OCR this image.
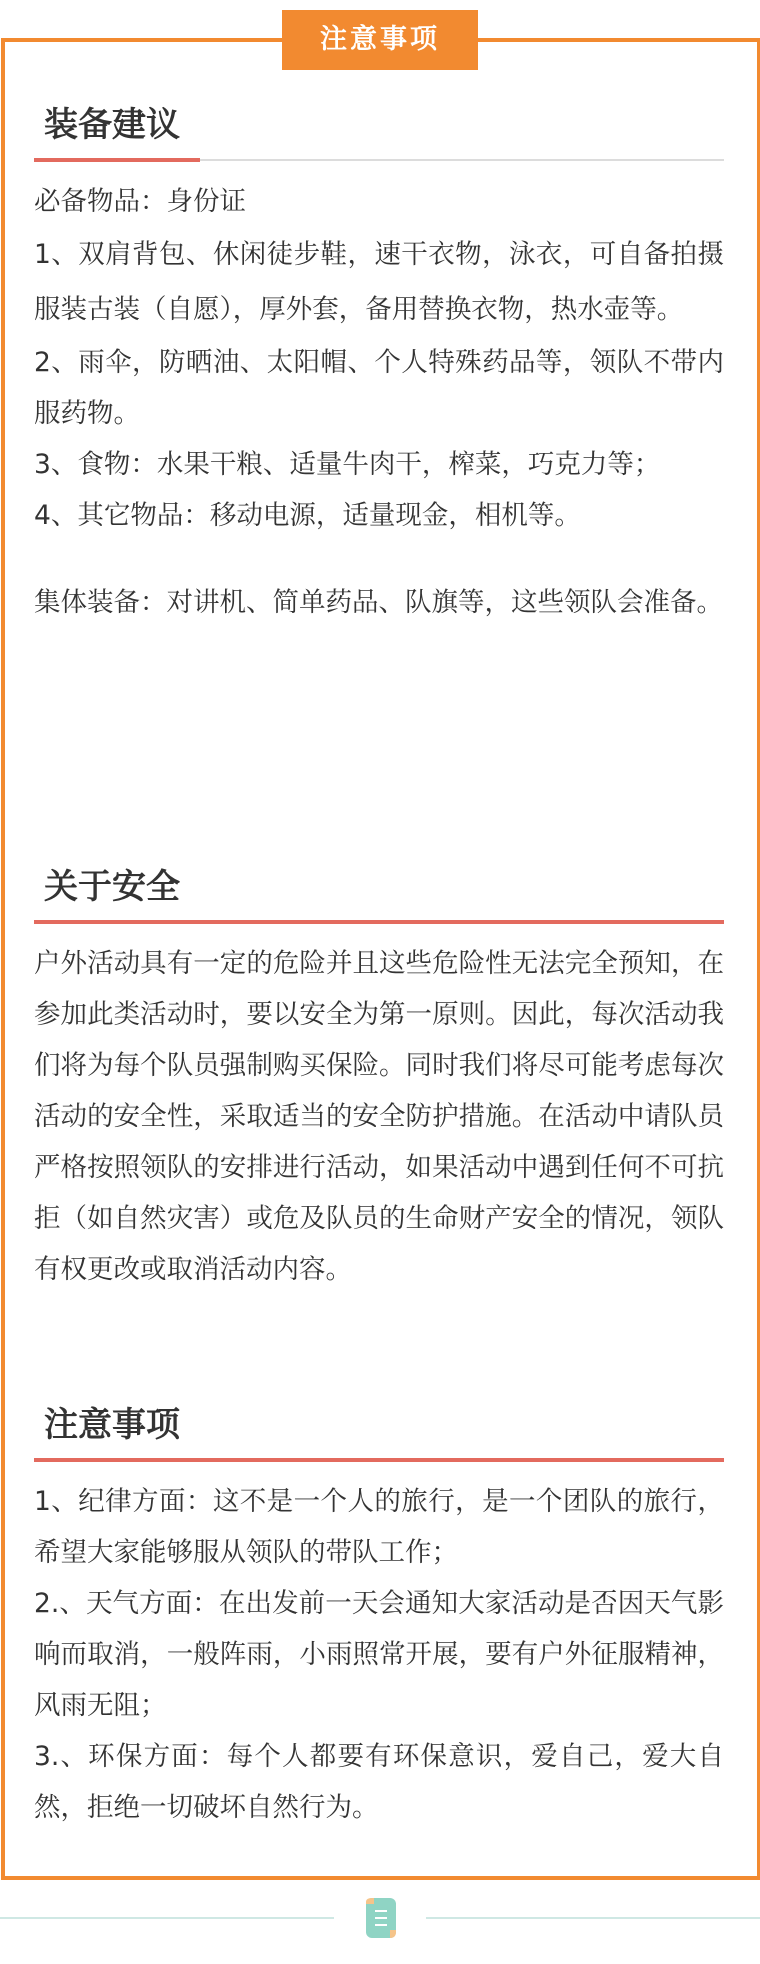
注意事项
装备建议

必备物品：身份证

1、双肩背包、休闲徒步鞋，速干衣物，泳衣，可自备拍摄服装古装（自愿），厚外套，备用替换衣物，热水壶等。

2、雨伞，防晒油、太阳帽、个人特殊药品等，领队不带内服药物。

3、食物：水果干粮、适量牛肉干，榨菜，巧克力等；

4、其它物品：移动电源，适量现金，相机等。

集体装备：对讲机、简单药品、队旗等，这些领队会准备。

关于安全

户外活动具有一定的危险并且这些危险性无法完全预知，在参加此类活动时，要以安全为第一原则。因此，每次活动我们将为每个队员强制购买保险。同时我们将尽可能考虑每次活动的安全性，采取适当的安全防护措施。在活动中请队员严格按照领队的安排进行活动，如果活动中遇到任何不可抗拒（如自然灾害）或危及队员的生命财产安全的情况，领队有权更改或取消活动内容。

注意事项

1、纪律方面：这不是一个人的旅行，是一个团队的旅行，希望大家能够服从领队的带队工作；

2.、天气方面：在出发前一天会通知大家活动是否因天气影响而取消，一般阵雨，小雨照常开展，要有户外征服精神，风雨无阻；

3.、环保方面：每个人都要有环保意识，爱自己，爱大自然，拒绝一切破坏自然行为。
